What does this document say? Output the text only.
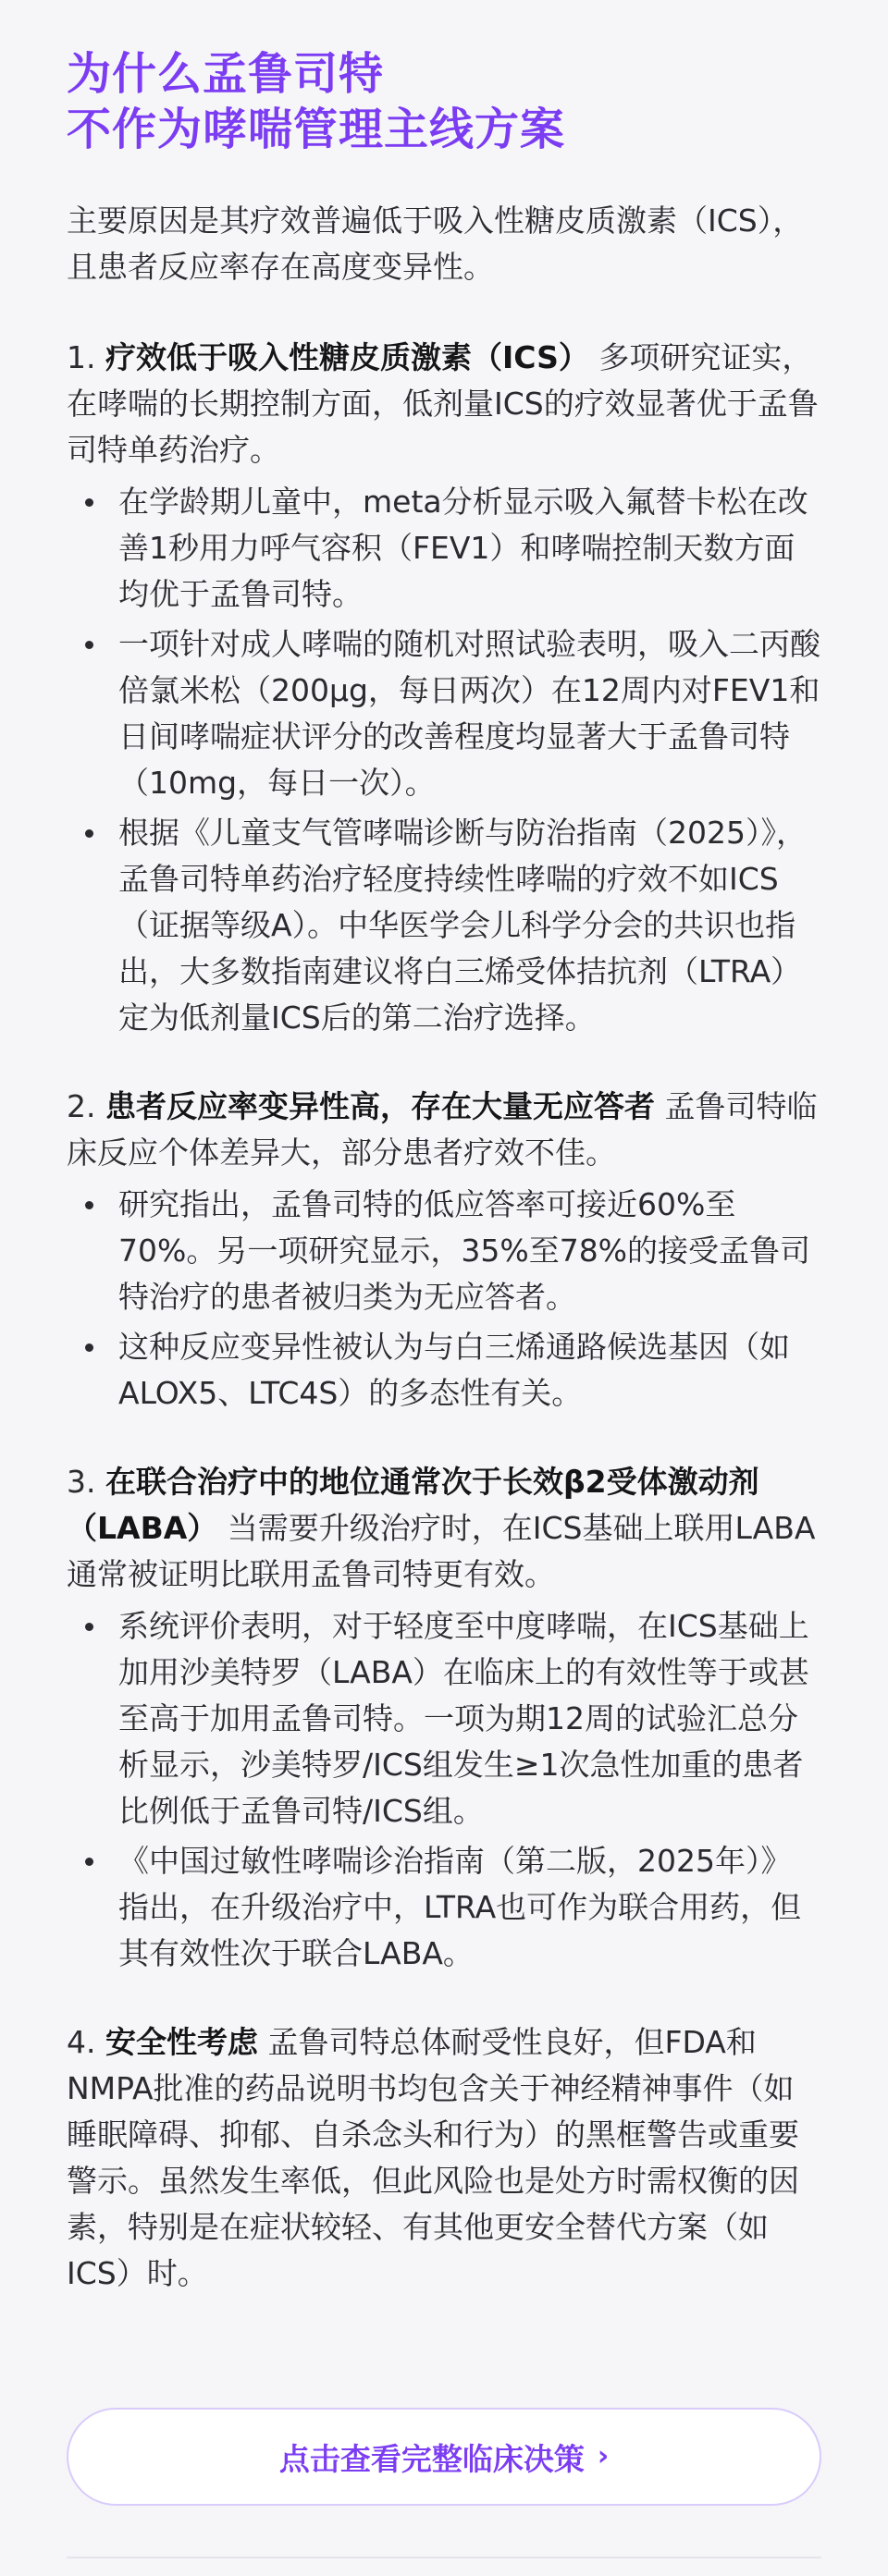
为什么孟鲁司特
不作为哮喘管理主线方案

主要原因是其疗效普遍低于吸入性糖皮质激素（ICS），且患者反应率存在高度变异性。

1. 疗效低于吸入性糖皮质激素（ICS） 多项研究证实，在哮喘的长期控制方面，低剂量ICS的疗效显著优于孟鲁司特单药治疗。

在学龄期儿童中，meta分析显示吸入氟替卡松在改善1秒用力呼气容积（FEV1）和哮喘控制天数方面均优于孟鲁司特。
一项针对成人哮喘的随机对照试验表明，吸入二丙酸倍氯米松（200μg，每日两次）在12周内对FEV1和日间哮喘症状评分的改善程度均显著大于孟鲁司特（10mg，每日一次）。
根据《儿童支气管哮喘诊断与防治指南（2025）》，孟鲁司特单药治疗轻度持续性哮喘的疗效不如ICS（证据等级A）。中华医学会儿科学分会的共识也指出，大多数指南建议将白三烯受体拮抗剂（LTRA）定为低剂量ICS后的第二治疗选择。

2. 患者反应率变异性高，存在大量无应答者 孟鲁司特临床反应个体差异大，部分患者疗效不佳。

研究指出，孟鲁司特的低应答率可接近60%至70%。另一项研究显示，35%至78%的接受孟鲁司特治疗的患者被归类为无应答者。
这种反应变异性被认为与白三烯通路候选基因（如ALOX5、LTC4S）的多态性有关。

3. 在联合治疗中的地位通常次于长效β2受体激动剂（LABA） 当需要升级治疗时，在ICS基础上联用LABA通常被证明比联用孟鲁司特更有效。

系统评价表明，对于轻度至中度哮喘，在ICS基础上加用沙美特罗（LABA）在临床上的有效性等于或甚至高于加用孟鲁司特。一项为期12周的试验汇总分析显示，沙美特罗/ICS组发生≥1次急性加重的患者比例低于孟鲁司特/ICS组。
《中国过敏性哮喘诊治指南（第二版，2025年）》指出，在升级治疗中，LTRA也可作为联合用药，但其有效性次于联合LABA。

4. 安全性考虑 孟鲁司特总体耐受性良好，但FDA和NMPA批准的药品说明书均包含关于神经精神事件（如睡眠障碍、抑郁、自杀念头和行为）的黑框警告或重要警示。虽然发生率低，但此风险也是处方时需权衡的因素，特别是在症状较轻、有其他更安全替代方案（如ICS）时。

点击查看完整临床决策 ›
